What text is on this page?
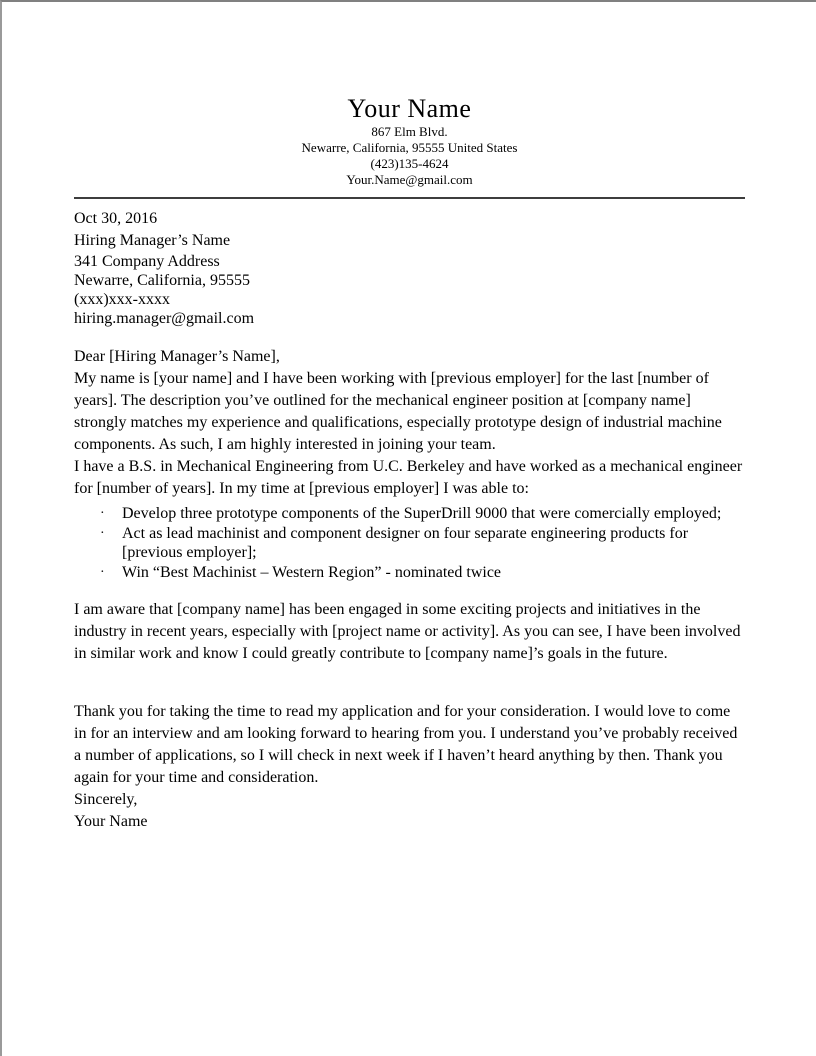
Your Name
867 Elm Blvd.
Newarre, California, 95555 United States
(423)135-4624
Your.Name@gmail.com

Oct 30, 2016

Hiring Manager’s Name

341 Company Address
Newarre, California, 95555
(xxx)xxx-xxxx
hiring.manager@gmail.com

Dear [Hiring Manager’s Name],

My name is [your name] and I have been working with [previous employer] for the last [number of years]. The description you’ve outlined for the mechanical engineer position at [company name] strongly matches my experience and qualifications, especially prototype design of industrial machine components. As such, I am highly interested in joining your team.

I have a B.S. in Mechanical Engineering from U.C. Berkeley and have worked as a mechanical engineer for [number of years]. In my time at [previous employer] I was able to:

·	Develop three prototype components of the SuperDrill 9000 that were comercially employed;
·	Act as lead machinist and component designer on four separate engineering products for [previous employer];
·	Win “Best Machinist – Western Region” - nominated twice

I am aware that [company name] has been engaged in some exciting projects and initiatives in the industry in recent years, especially with [project name or activity]. As you can see, I have been involved in similar work and know I could greatly contribute to [company name]’s goals in the future.

Thank you for taking the time to read my application and for your consideration. I would love to come in for an interview and am looking forward to hearing from you. I understand you’ve probably received a number of applications, so I will check in next week if I haven’t heard anything by then. Thank you again for your time and consideration.

Sincerely,

Your Name
